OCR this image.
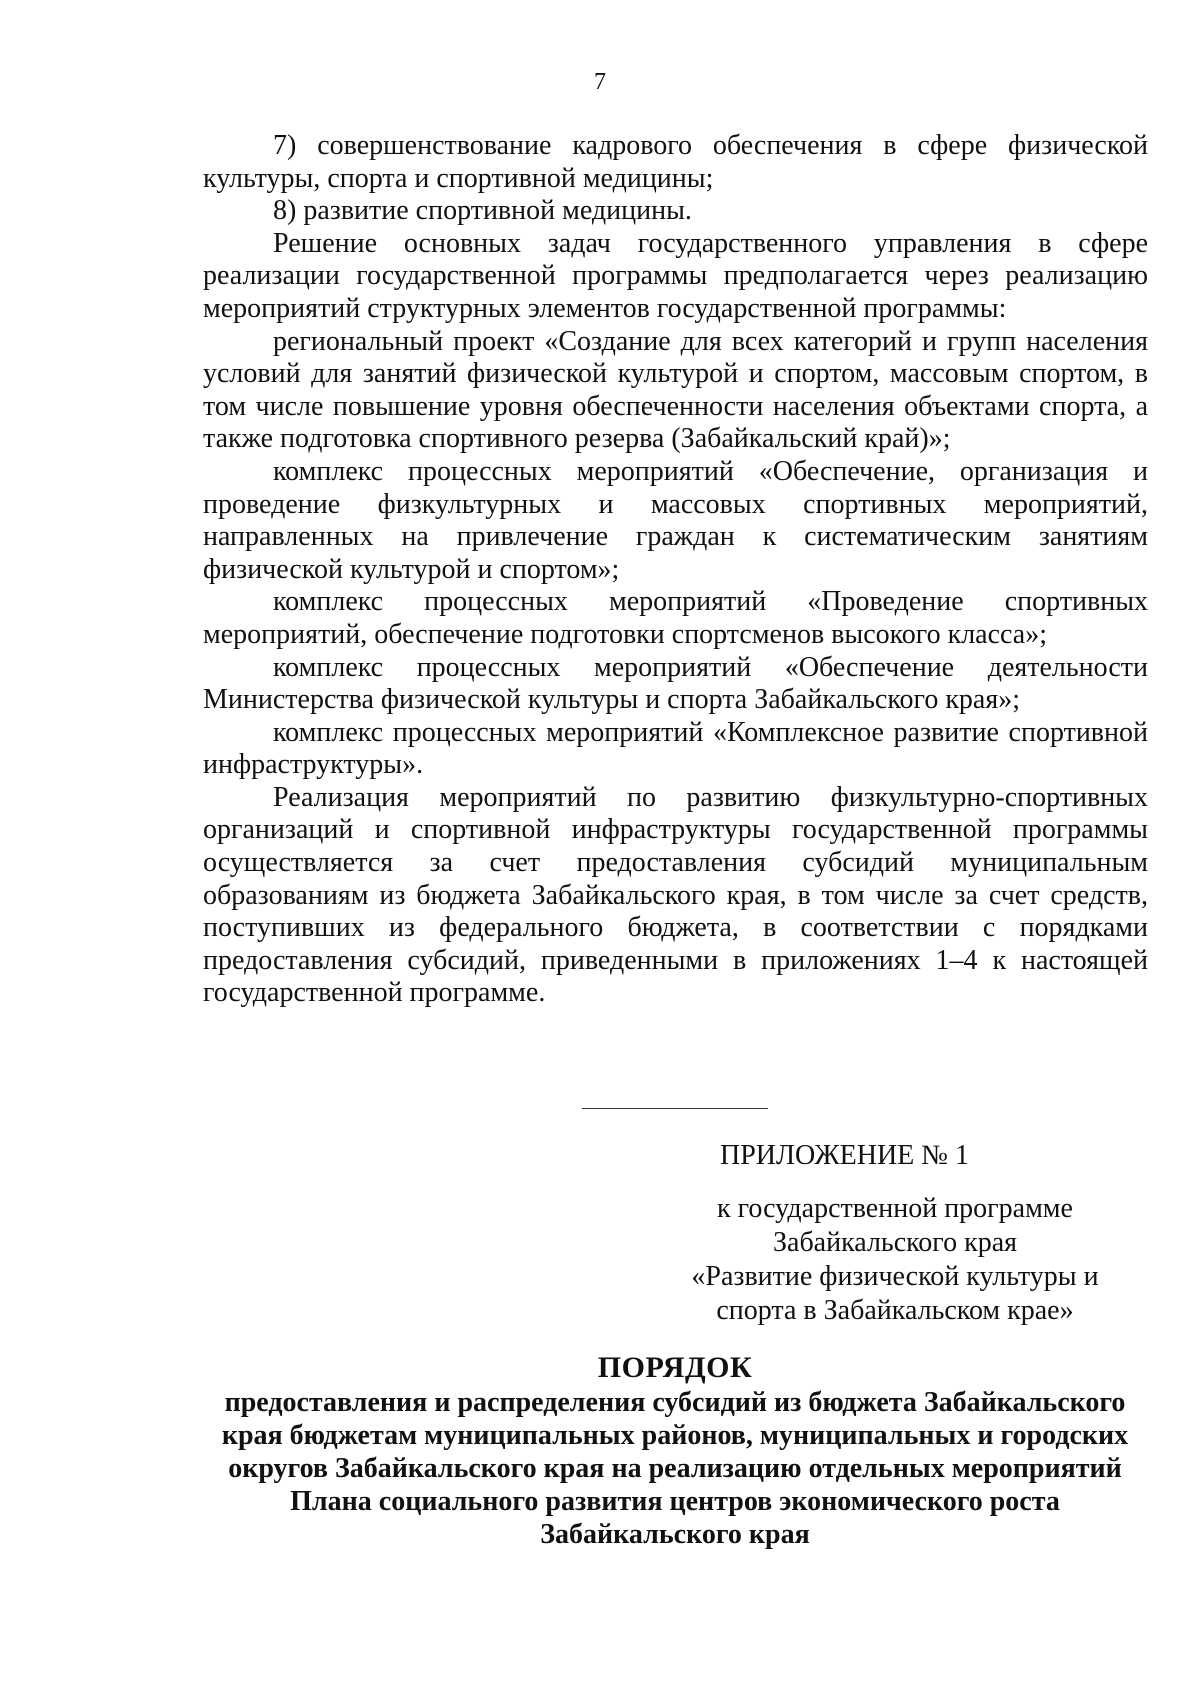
7

7) совершенствование кадрового обеспечения в сфере физической культуры, спорта и спортивной медицины;

8) развитие спортивной медицины.

Решение основных задач государственного управления в сфере реализации государственной программы предполагается через реализацию мероприятий структурных элементов государственной программы:

региональный проект «Создание для всех категорий и групп населения условий для занятий физической культурой и спортом, массовым спортом, в том числе повышение уровня обеспеченности населения объектами спорта, а также подготовка спортивного резерва (Забайкальский край)»;

комплекс процессных мероприятий «Обеспечение, организация и проведение физкультурных и массовых спортивных мероприятий, направленных на привлечение граждан к систематическим занятиям физической культурой и спортом»;

комплекс процессных мероприятий «Проведение спортивных мероприятий, обеспечение подготовки спортсменов высокого класса»;

комплекс процессных мероприятий «Обеспечение деятельности Министерства физической культуры и спорта Забайкальского края»;

комплекс процессных мероприятий «Комплексное развитие спортивной инфраструктуры».

Реализация мероприятий по развитию физкультурно-спортивных организаций и спортивной инфраструктуры государственной программы осуществляется за счет предоставления субсидий муниципальным образованиям из бюджета Забайкальского края, в том числе за счет средств, поступивших из федерального бюджета, в соответствии с порядками предоставления субсидий, приведенными в приложениях 1–4 к настоящей государственной программе.

ПРИЛОЖЕНИЕ № 1
к государственной программе
Забайкальского края
«Развитие физической культуры и
спорта в Забайкальском крае»
ПОРЯДОК
предоставления и распределения субсидий из бюджета Забайкальского
края бюджетам муниципальных районов, муниципальных и городских
округов Забайкальского края на реализацию отдельных мероприятий
Плана социального развития центров экономического роста
Забайкальского края
